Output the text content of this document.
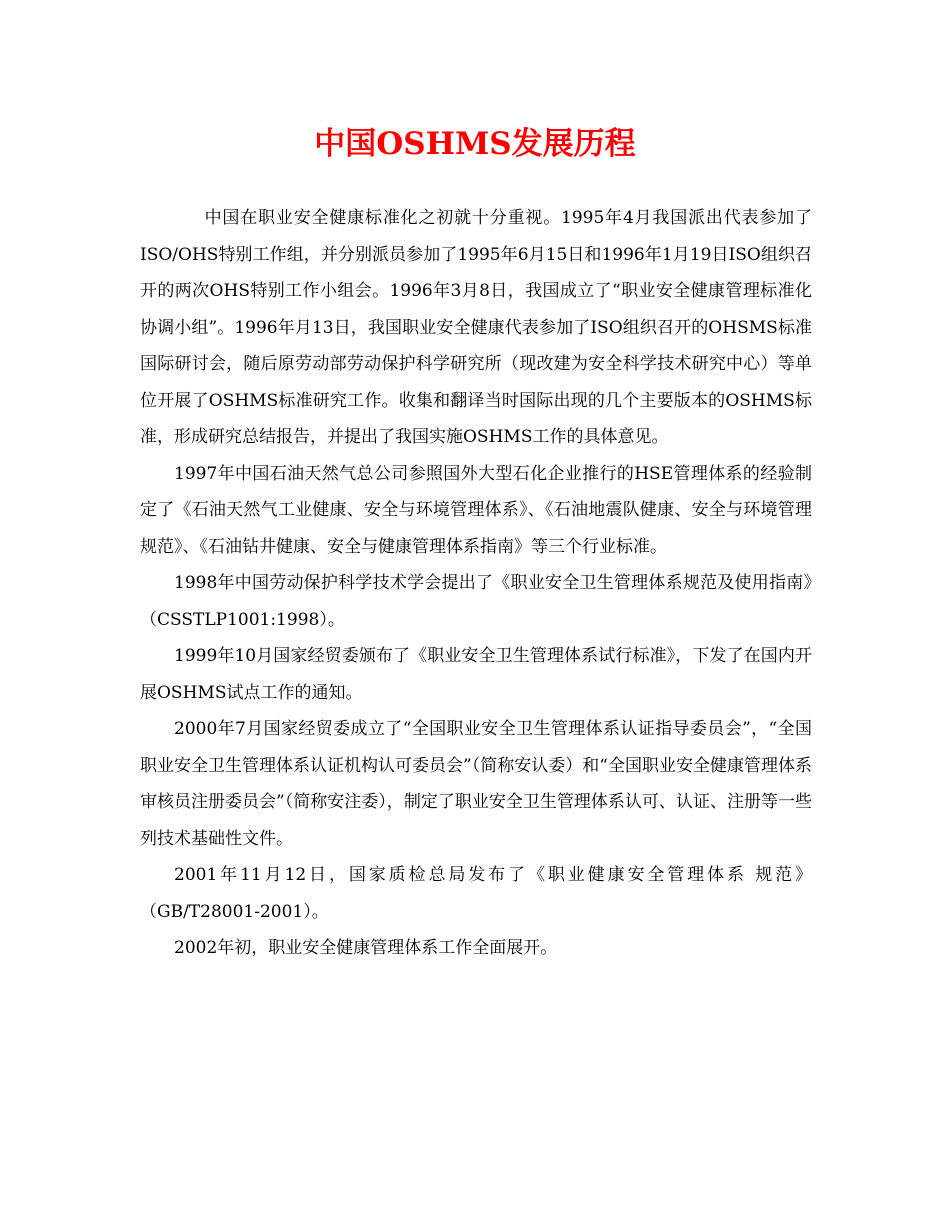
中国OSHMS发展历程

中国在职业安全健康标准化之初就十分重视。1995年4月我国派出代表参加了ISO/OHS特别工作组，并分别派员参加了1995年6月15日和1996年1月19日ISO组织召开的两次OHS特别工作小组会。1996年3月8日，我国成立了“职业安全健康管理标准化协调小组”。1996年月13日，我国职业安全健康代表参加了ISO组织召开的OHSMS标准国际研讨会，随后原劳动部劳动保护科学研究所（现改建为安全科学技术研究中心）等单位开展了OSHMS标准研究工作。收集和翻译当时国际出现的几个主要版本的OSHMS标准，形成研究总结报告，并提出了我国实施OSHMS工作的具体意见。

1997年中国石油天然气总公司参照国外大型石化企业推行的HSE管理体系的经验制定了《石油天然气工业健康、安全与环境管理体系》、《石油地震队健康、安全与环境管理规范》、《石油钻井健康、安全与健康管理体系指南》等三个行业标准。

1998年中国劳动保护科学技术学会提出了《职业安全卫生管理体系规范及使用指南》（CSSTLP1001:1998）。

1999年10月国家经贸委颁布了《职业安全卫生管理体系试行标准》，下发了在国内开展OSHMS试点工作的通知。

2000年7月国家经贸委成立了“全国职业安全卫生管理体系认证指导委员会”，“全国职业安全卫生管理体系认证机构认可委员会”（简称安认委）和“全国职业安全健康管理体系审核员注册委员会”（简称安注委），制定了职业安全卫生管理体系认可、认证、注册等一些列技术基础性文件。

2001年11月12日，国家质检总局发布了《职业健康安全管理体系 规范》（GB/T28001-2001）。

2002年初，职业安全健康管理体系工作全面展开。
